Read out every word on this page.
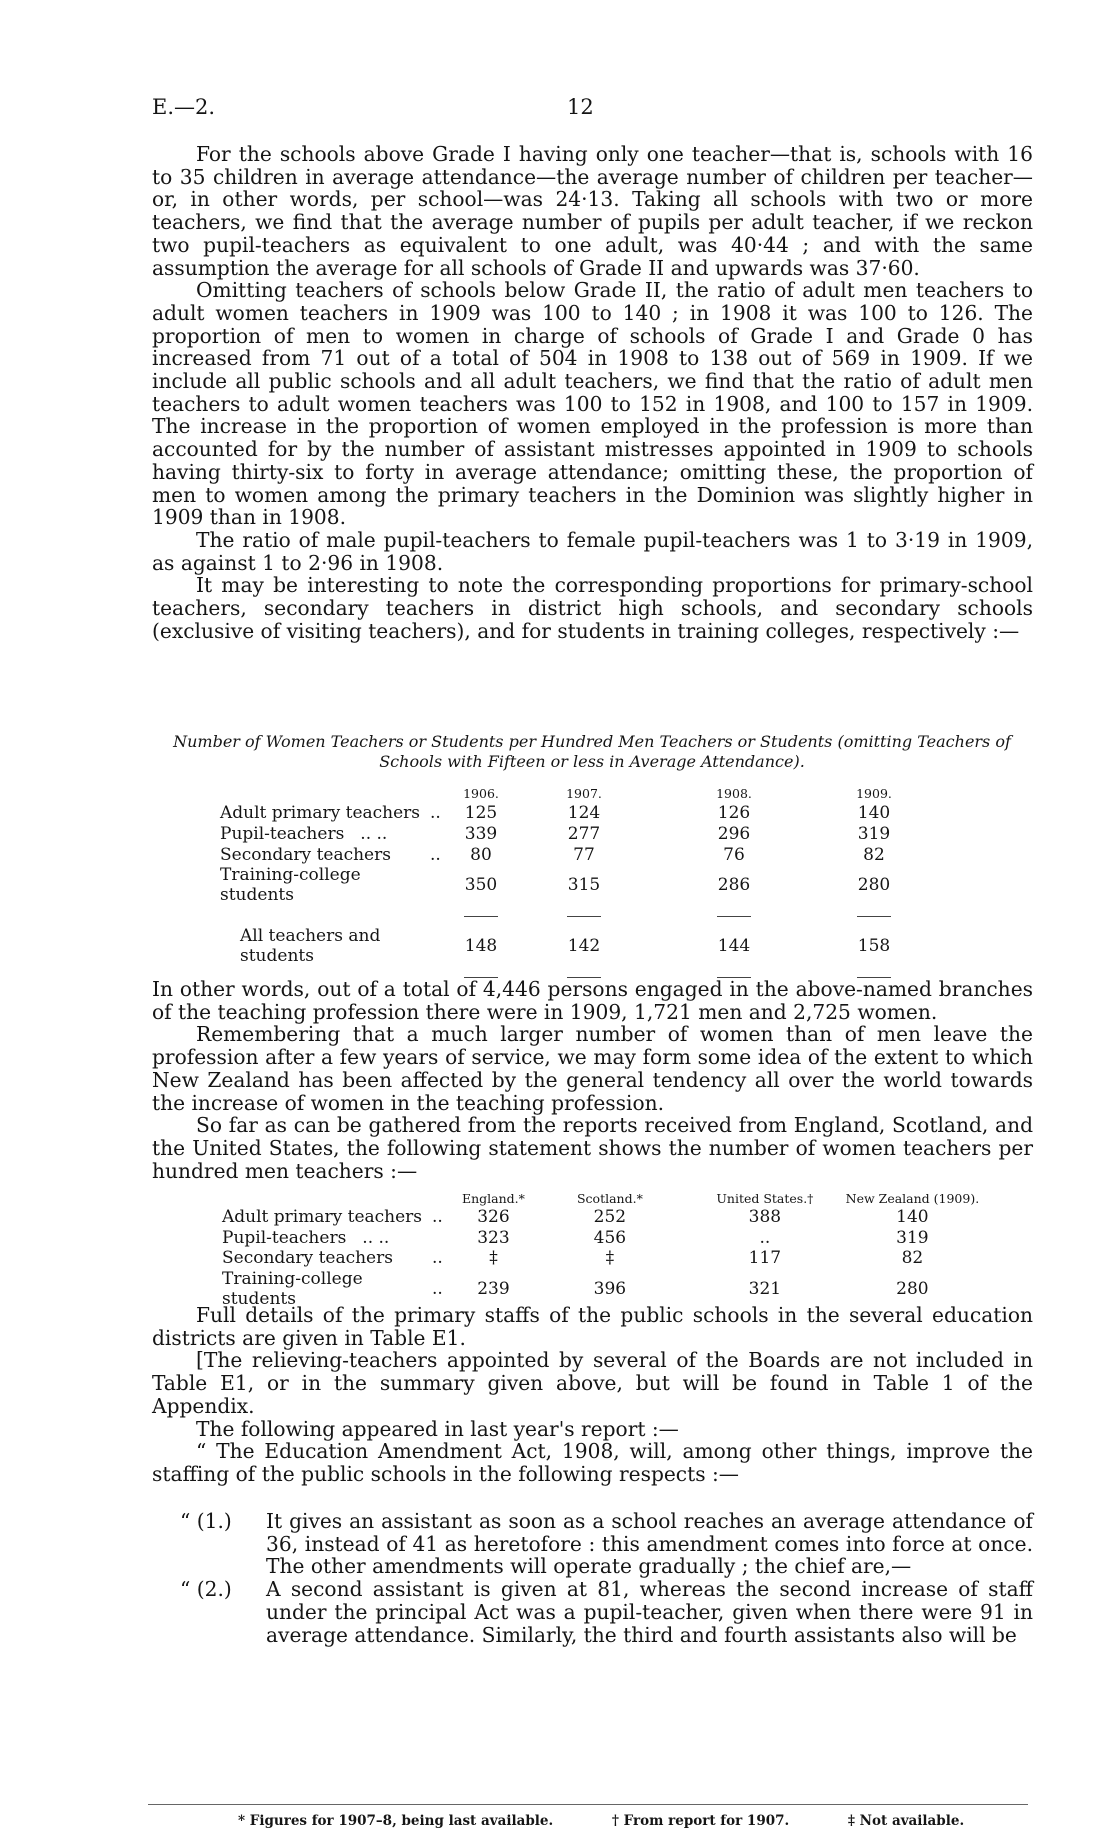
E.—2.	12

For the schools above Grade I having only one teacher—that is, schools with 16 to 35 children in average attendance—the average number of children per teacher—or, in other words, per school—was 24·13. Taking all schools with two or more teachers, we find that the average number of pupils per adult teacher, if we reckon two pupil-teachers as equivalent to one adult, was 40·44 ; and with the same assumption the average for all schools of Grade II and upwards was 37·60.

Omitting teachers of schools below Grade II, the ratio of adult men teachers to adult women teachers in 1909 was 100 to 140 ; in 1908 it was 100 to 126. The proportion of men to women in charge of schools of Grade I and Grade 0 has increased from 71 out of a total of 504 in 1908 to 138 out of 569 in 1909. If we include all public schools and all adult teachers, we find that the ratio of adult men teachers to adult women teachers was 100 to 152 in 1908, and 100 to 157 in 1909. The increase in the proportion of women employed in the profession is more than accounted for by the number of assistant mistresses appointed in 1909 to schools having thirty-six to forty in average attendance; omitting these, the proportion of men to women among the primary teachers in the Dominion was slightly higher in 1909 than in 1908.

The ratio of male pupil-teachers to female pupil-teachers was 1 to 3·19 in 1909, as against 1 to 2·96 in 1908.

It may be interesting to note the corresponding proportions for primary-school teachers, secondary teachers in district high schools, and secondary schools (exclusive of visiting teachers), and for students in training colleges, respectively :—

Number of Women Teachers or Students per Hundred Men Teachers or Students (omitting Teachers of Schools with Fifteen or less in Average Attendance).
		1906.	1907.	1908.	1909.
Adult primary teachers	..	125	124	126	140
Pupil-teachers .. ..		339	277	296	319
Secondary teachers	..	80	77	76	82
Training-college students		350	315	286	280

All teachers and students		148	142	144	158

In other words, out of a total of 4,446 persons engaged in the above-named branches of the teaching profession there were in 1909, 1,721 men and 2,725 women.

Remembering that a much larger number of women than of men leave the profession after a few years of service, we may form some idea of the extent to which New Zealand has been affected by the general tendency all over the world towards the increase of women in the teaching profession.

So far as can be gathered from the reports received from England, Scotland, and the United States, the following statement shows the number of women teachers per hundred men teachers :—

		England.*	Scotland.*	United States.†	New Zealand (1909).
Adult primary teachers	..	326	252	388	140
Pupil-teachers .. ..		323	456	..	319
Secondary teachers	..	‡	‡	117	82
Training-college students	..	239	396	321	280

Full details of the primary staffs of the public schools in the several education districts are given in Table E1.

[The relieving-teachers appointed by several of the Boards are not included in Table E1, or in the summary given above, but will be found in Table 1 of the Appendix.

The following appeared in last year's report :—

“ The Education Amendment Act, 1908, will, among other things, improve the staffing of the public schools in the following respects :—

“ (1.) It gives an assistant as soon as a school reaches an average attendance of 36, instead of 41 as heretofore : this amendment comes into force at once. The other amendments will operate gradually ; the chief are,—

“ (2.) A second assistant is given at 81, whereas the second increase of staff under the principal Act was a pupil-teacher, given when there were 91 in average attendance. Similarly, the third and fourth assistants also will be

* Figures for 1907–8, being last available.	† From report for 1907.	‡ Not available.
